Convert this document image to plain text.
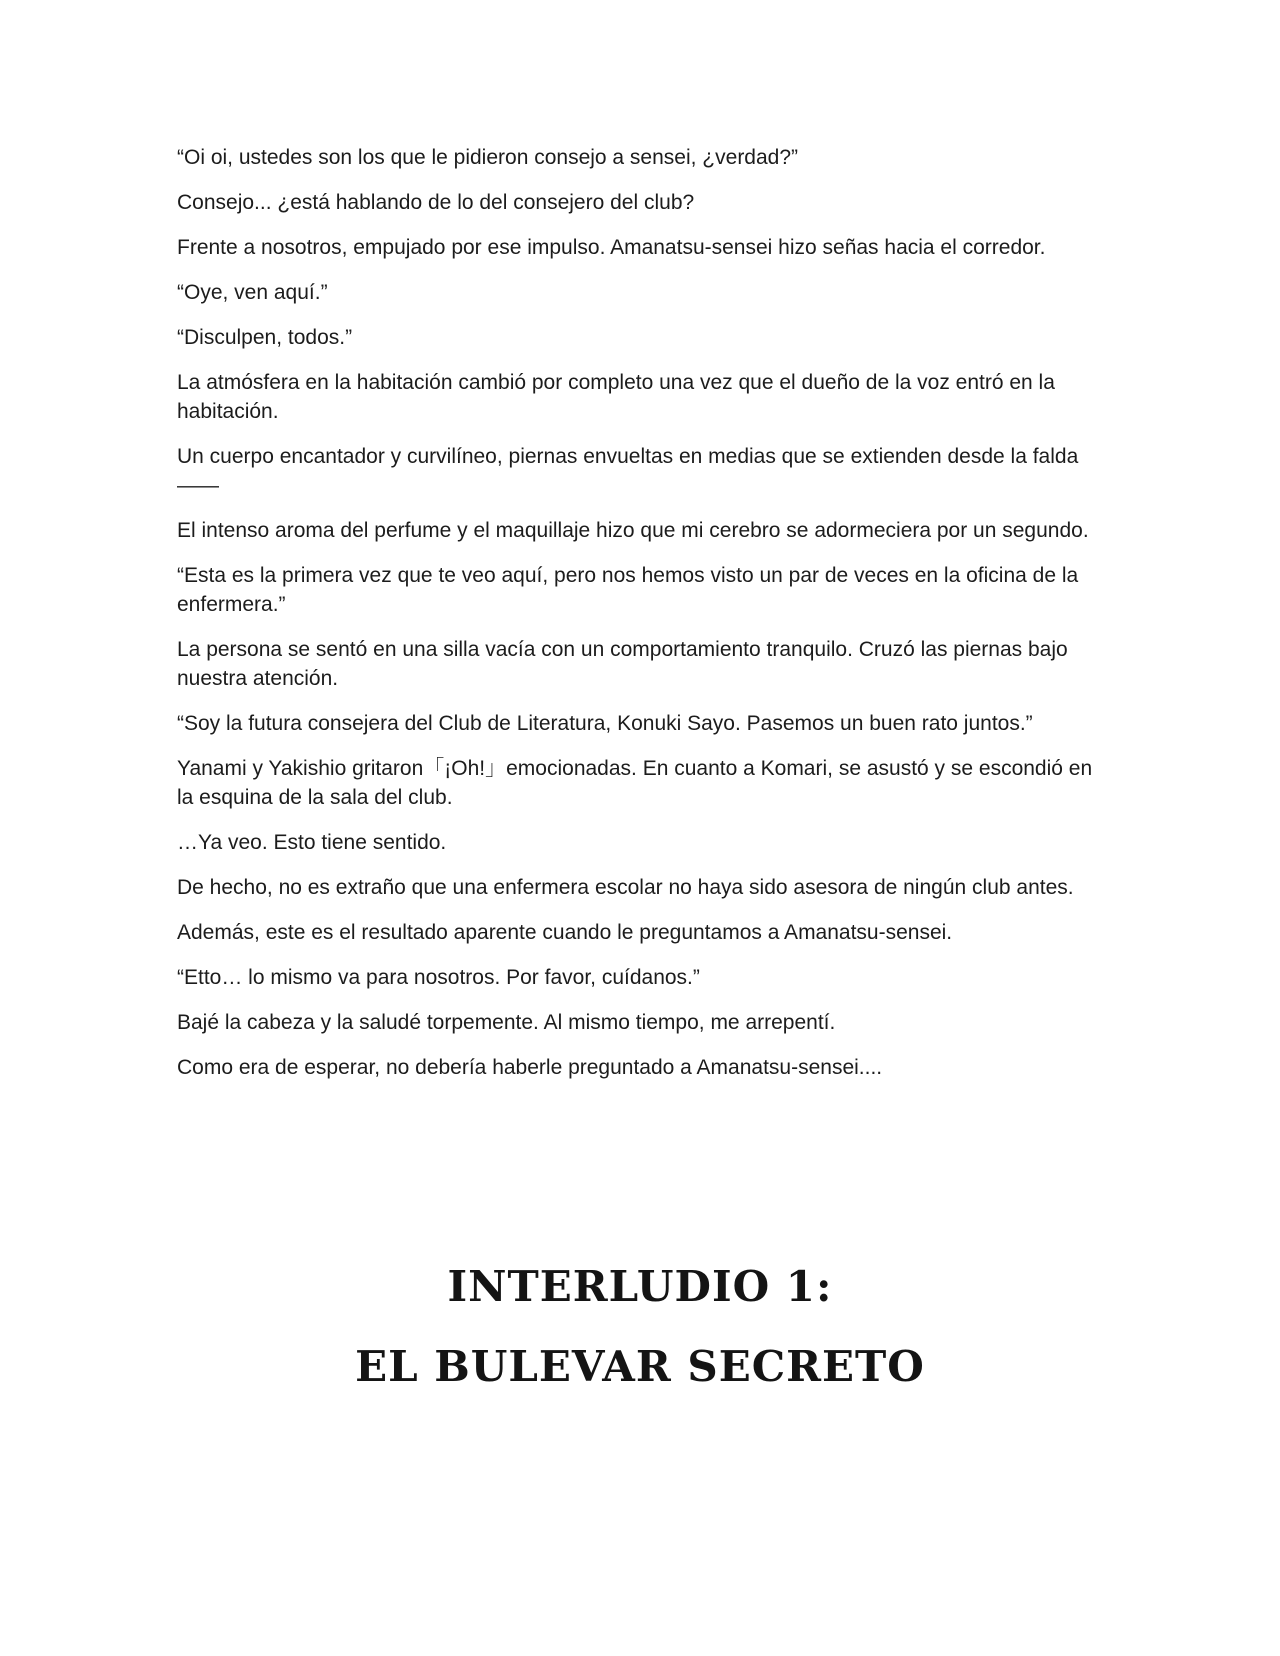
“Oi oi, ustedes son los que le pidieron consejo a sensei, ¿verdad?”

Consejo... ¿está hablando de lo del consejero del club?

Frente a nosotros, empujado por ese impulso. Amanatsu-sensei hizo señas hacia el corredor.

“Oye, ven aquí.”

“Disculpen, todos.”

La atmósfera en la habitación cambió por completo una vez que el dueño de la voz entró en la habitación.

Un cuerpo encantador y curvilíneo, piernas envueltas en medias que se extienden desde la falda——

El intenso aroma del perfume y el maquillaje hizo que mi cerebro se adormeciera por un segundo.

“Esta es la primera vez que te veo aquí, pero nos hemos visto un par de veces en la oficina de la enfermera.”

La persona se sentó en una silla vacía con un comportamiento tranquilo. Cruzó las piernas bajo nuestra atención.

“Soy la futura consejera del Club de Literatura, Konuki Sayo. Pasemos un buen rato juntos.”

Yanami y Yakishio gritaron「¡Oh!」emocionadas. En cuanto a Komari, se asustó y se escondió en la esquina de la sala del club.

…Ya veo. Esto tiene sentido.

De hecho, no es extraño que una enfermera escolar no haya sido asesora de ningún club antes.

Además, este es el resultado aparente cuando le preguntamos a Amanatsu-sensei.

“Etto… lo mismo va para nosotros. Por favor, cuídanos.”

Bajé la cabeza y la saludé torpemente. Al mismo tiempo, me arrepentí.

Como era de esperar, no debería haberle preguntado a Amanatsu-sensei....

INTERLUDIO 1:
EL BULEVAR SECRETO
